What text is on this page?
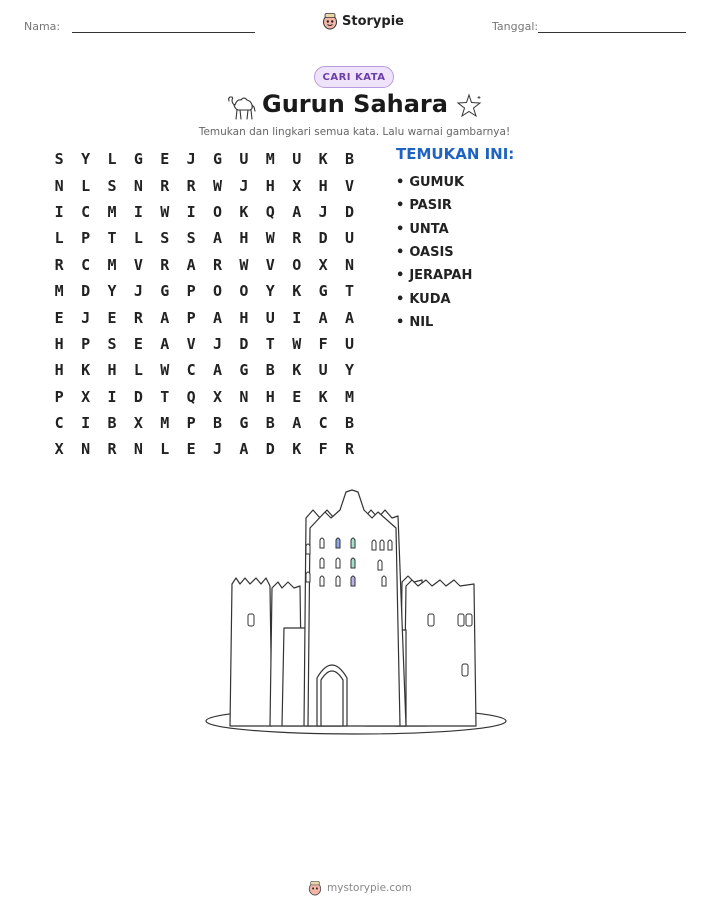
Nama:	Storypie	Tanggal:
CARI KATA
Gurun Sahara
Temukan dan lingkari semua kata. Lalu warnai gambarnya!
S	Y	L	G	E	J	G	U	M	U	K	B
N	L	S	N	R	R	W	J	H	X	H	V
I	C	M	I	W	I	O	K	Q	A	J	D
L	P	T	L	S	S	A	H	W	R	D	U
R	C	M	V	R	A	R	W	V	O	X	N
M	D	Y	J	G	P	O	O	Y	K	G	T
E	J	E	R	A	P	A	H	U	I	A	A
H	P	S	E	A	V	J	D	T	W	F	U
H	K	H	L	W	C	A	G	B	K	U	Y
P	X	I	D	T	Q	X	N	H	E	K	M
C	I	B	X	M	P	B	G	B	A	C	B
X	N	R	N	L	E	J	A	D	K	F	R
TEMUKAN INI:
• GUMUK
• PASIR
• UNTA
• OASIS
• JERAPAH
• KUDA
• NIL
mystorypie.com
